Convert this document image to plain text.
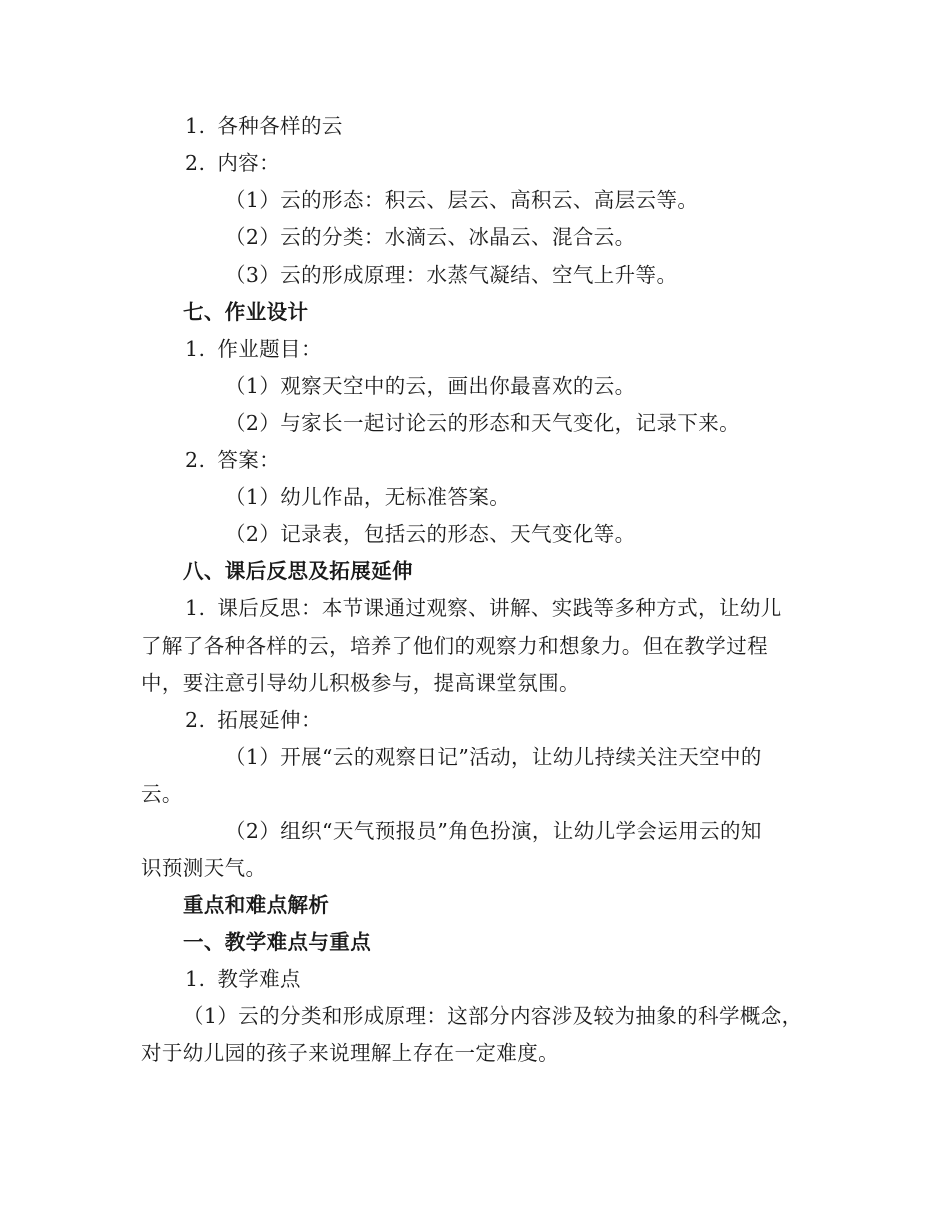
1. 各种各样的云
2. 内容：
（1）云的形态：积云、层云、高积云、高层云等。
（2）云的分类：水滴云、冰晶云、混合云。
（3）云的形成原理：水蒸气凝结、空气上升等。
七、作业设计
1. 作业题目：
（1）观察天空中的云，画出你最喜欢的云。
（2）与家长一起讨论云的形态和天气变化，记录下来。
2. 答案：
（1）幼儿作品，无标准答案。
（2）记录表，包括云的形态、天气变化等。
八、课后反思及拓展延伸
1. 课后反思：本节课通过观察、讲解、实践等多种方式，让幼儿
了解了各种各样的云，培养了他们的观察力和想象力。但在教学过程
中，要注意引导幼儿积极参与，提高课堂氛围。
2. 拓展延伸：
（1）开展“云的观察日记”活动，让幼儿持续关注天空中的
云。
（2）组织“天气预报员”角色扮演，让幼儿学会运用云的知
识预测天气。
重点和难点解析
一、教学难点与重点
1. 教学难点
（1）云的分类和形成原理：这部分内容涉及较为抽象的科学概念，
对于幼儿园的孩子来说理解上存在一定难度。
